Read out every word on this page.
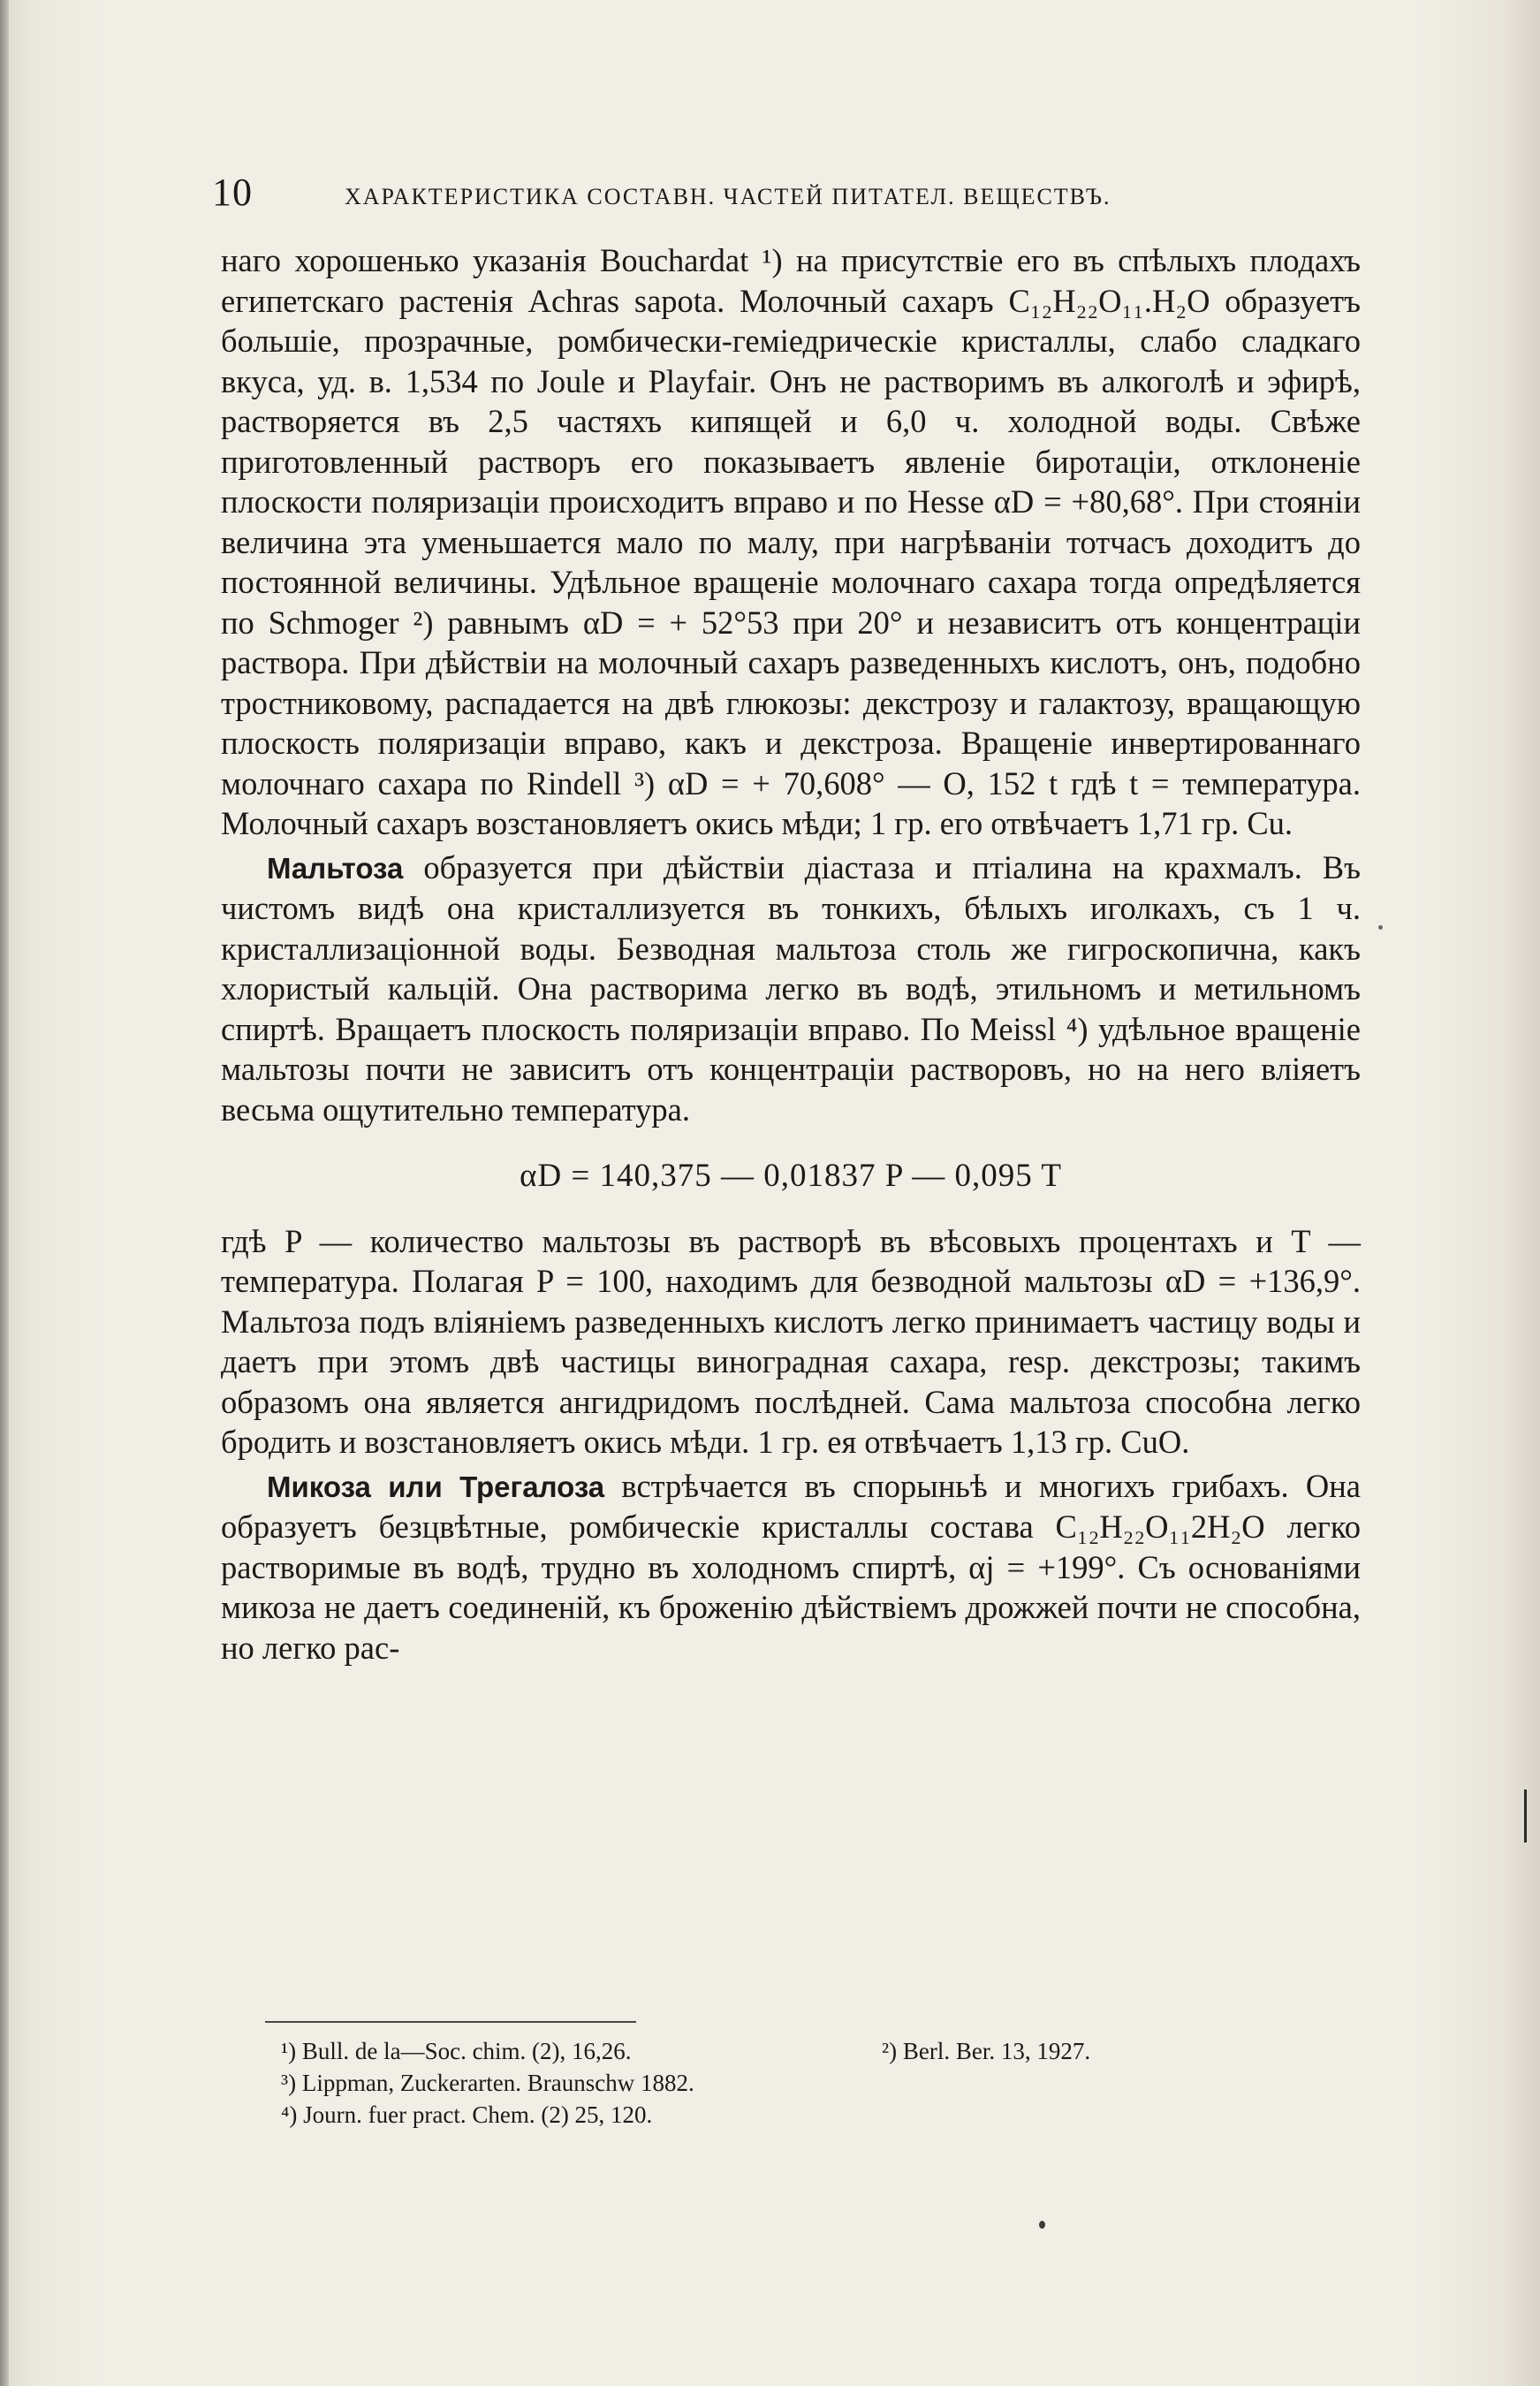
10	ХАРАКТЕРИСТИКА СОСТАВН. ЧАСТЕЙ ПИТАТЕЛ. ВЕЩЕСТВЪ.

наго хорошенько указанія Bouchardat ¹) на присутствіе его въ спѣлыхъ плодахъ египетскаго растенія Achras sapota. Молочный сахаръ C₁₂H₂₂O₁₁.H₂O образуетъ большіе, прозрачные, ромбически-геміедрическіе кристаллы, слабо сладкаго вкуса, уд. в. 1,534 по Joule и Playfair. Онъ не растворимъ въ алкоголѣ и эфирѣ, растворяется въ 2,5 частяхъ кипящей и 6,0 ч. холодной воды. Свѣже приготовленный растворъ его показываетъ явленіе биротаціи, отклоненіе плоскости поляризаціи происходитъ вправо и по Hesse αD = +80,68°. При стояніи величина эта уменьшается мало по малу, при нагрѣваніи тотчасъ доходитъ до постоянной величины. Удѣльное вращеніе молочнаго сахара тогда опредѣляется по Schmoger ²) равнымъ αD = + 52°53 при 20° и независитъ отъ концентраціи раствора. При дѣйствіи на молочный сахаръ разведенныхъ кислотъ, онъ, подобно тростниковому, распадается на двѣ глюкозы: декстрозу и галактозу, вращающую плоскость поляризаціи вправо, какъ и декстроза. Вращеніе инвертированнаго молочнаго сахара по Rindell ³) αD = + 70,608° — O, 152 t гдѣ t = температура. Молочный сахаръ возстановляетъ окись мѣди; 1 гр. его отвѣчаетъ 1,71 гр. Cu.

Мальтоза образуется при дѣйствіи діастаза и птіалина на крахмалъ. Въ чистомъ видѣ она кристаллизуется въ тонкихъ, бѣлыхъ иголкахъ, съ 1 ч. кристаллизаціонной воды. Безводная мальтоза столь же гигроскопична, какъ хлористый кальцій. Она растворима легко въ водѣ, этильномъ и метильномъ спиртѣ. Вращаетъ плоскость поляризаціи вправо. По Meissl ⁴) удѣльное вращеніе мальтозы почти не зависитъ отъ концентраціи растворовъ, но на него вліяетъ весьма ощутительно температура.

αD = 140,375 — 0,01837 P — 0,095 T

гдѣ P — количество мальтозы въ растворѣ въ вѣсовыхъ процентахъ и T — температура. Полагая P = 100, находимъ для безводной мальтозы αD = +136,9°. Мальтоза подъ вліяніемъ разведенныхъ кислотъ легко принимаетъ частицу воды и даетъ при этомъ двѣ частицы виноградная сахара, resp. декстрозы; такимъ образомъ она является ангидридомъ послѣдней. Сама мальтоза способна легко бродить и возстановляетъ окись мѣди. 1 гр. ея отвѣчаетъ 1,13 гр. CuO.

Микоза или Трегалоза встрѣчается въ спорыньѣ и многихъ грибахъ. Она образуетъ безцвѣтные, ромбическіе кристаллы состава C₁₂H₂₂O₁₁2H₂O легко растворимые въ водѣ, трудно въ холодномъ спиртѣ, αj = +199°. Съ основаніями микоза не даетъ соединеній, къ броженію дѣйствіемъ дрожжей почти не способна, но легко рас-

¹) Bull. de la—Soc. chim. (2), 16,26.	²) Berl. Ber. 13, 1927.
³) Lippman, Zuckerarten. Braunschw 1882.
⁴) Journ. fuer pract. Chem. (2) 25, 120.
